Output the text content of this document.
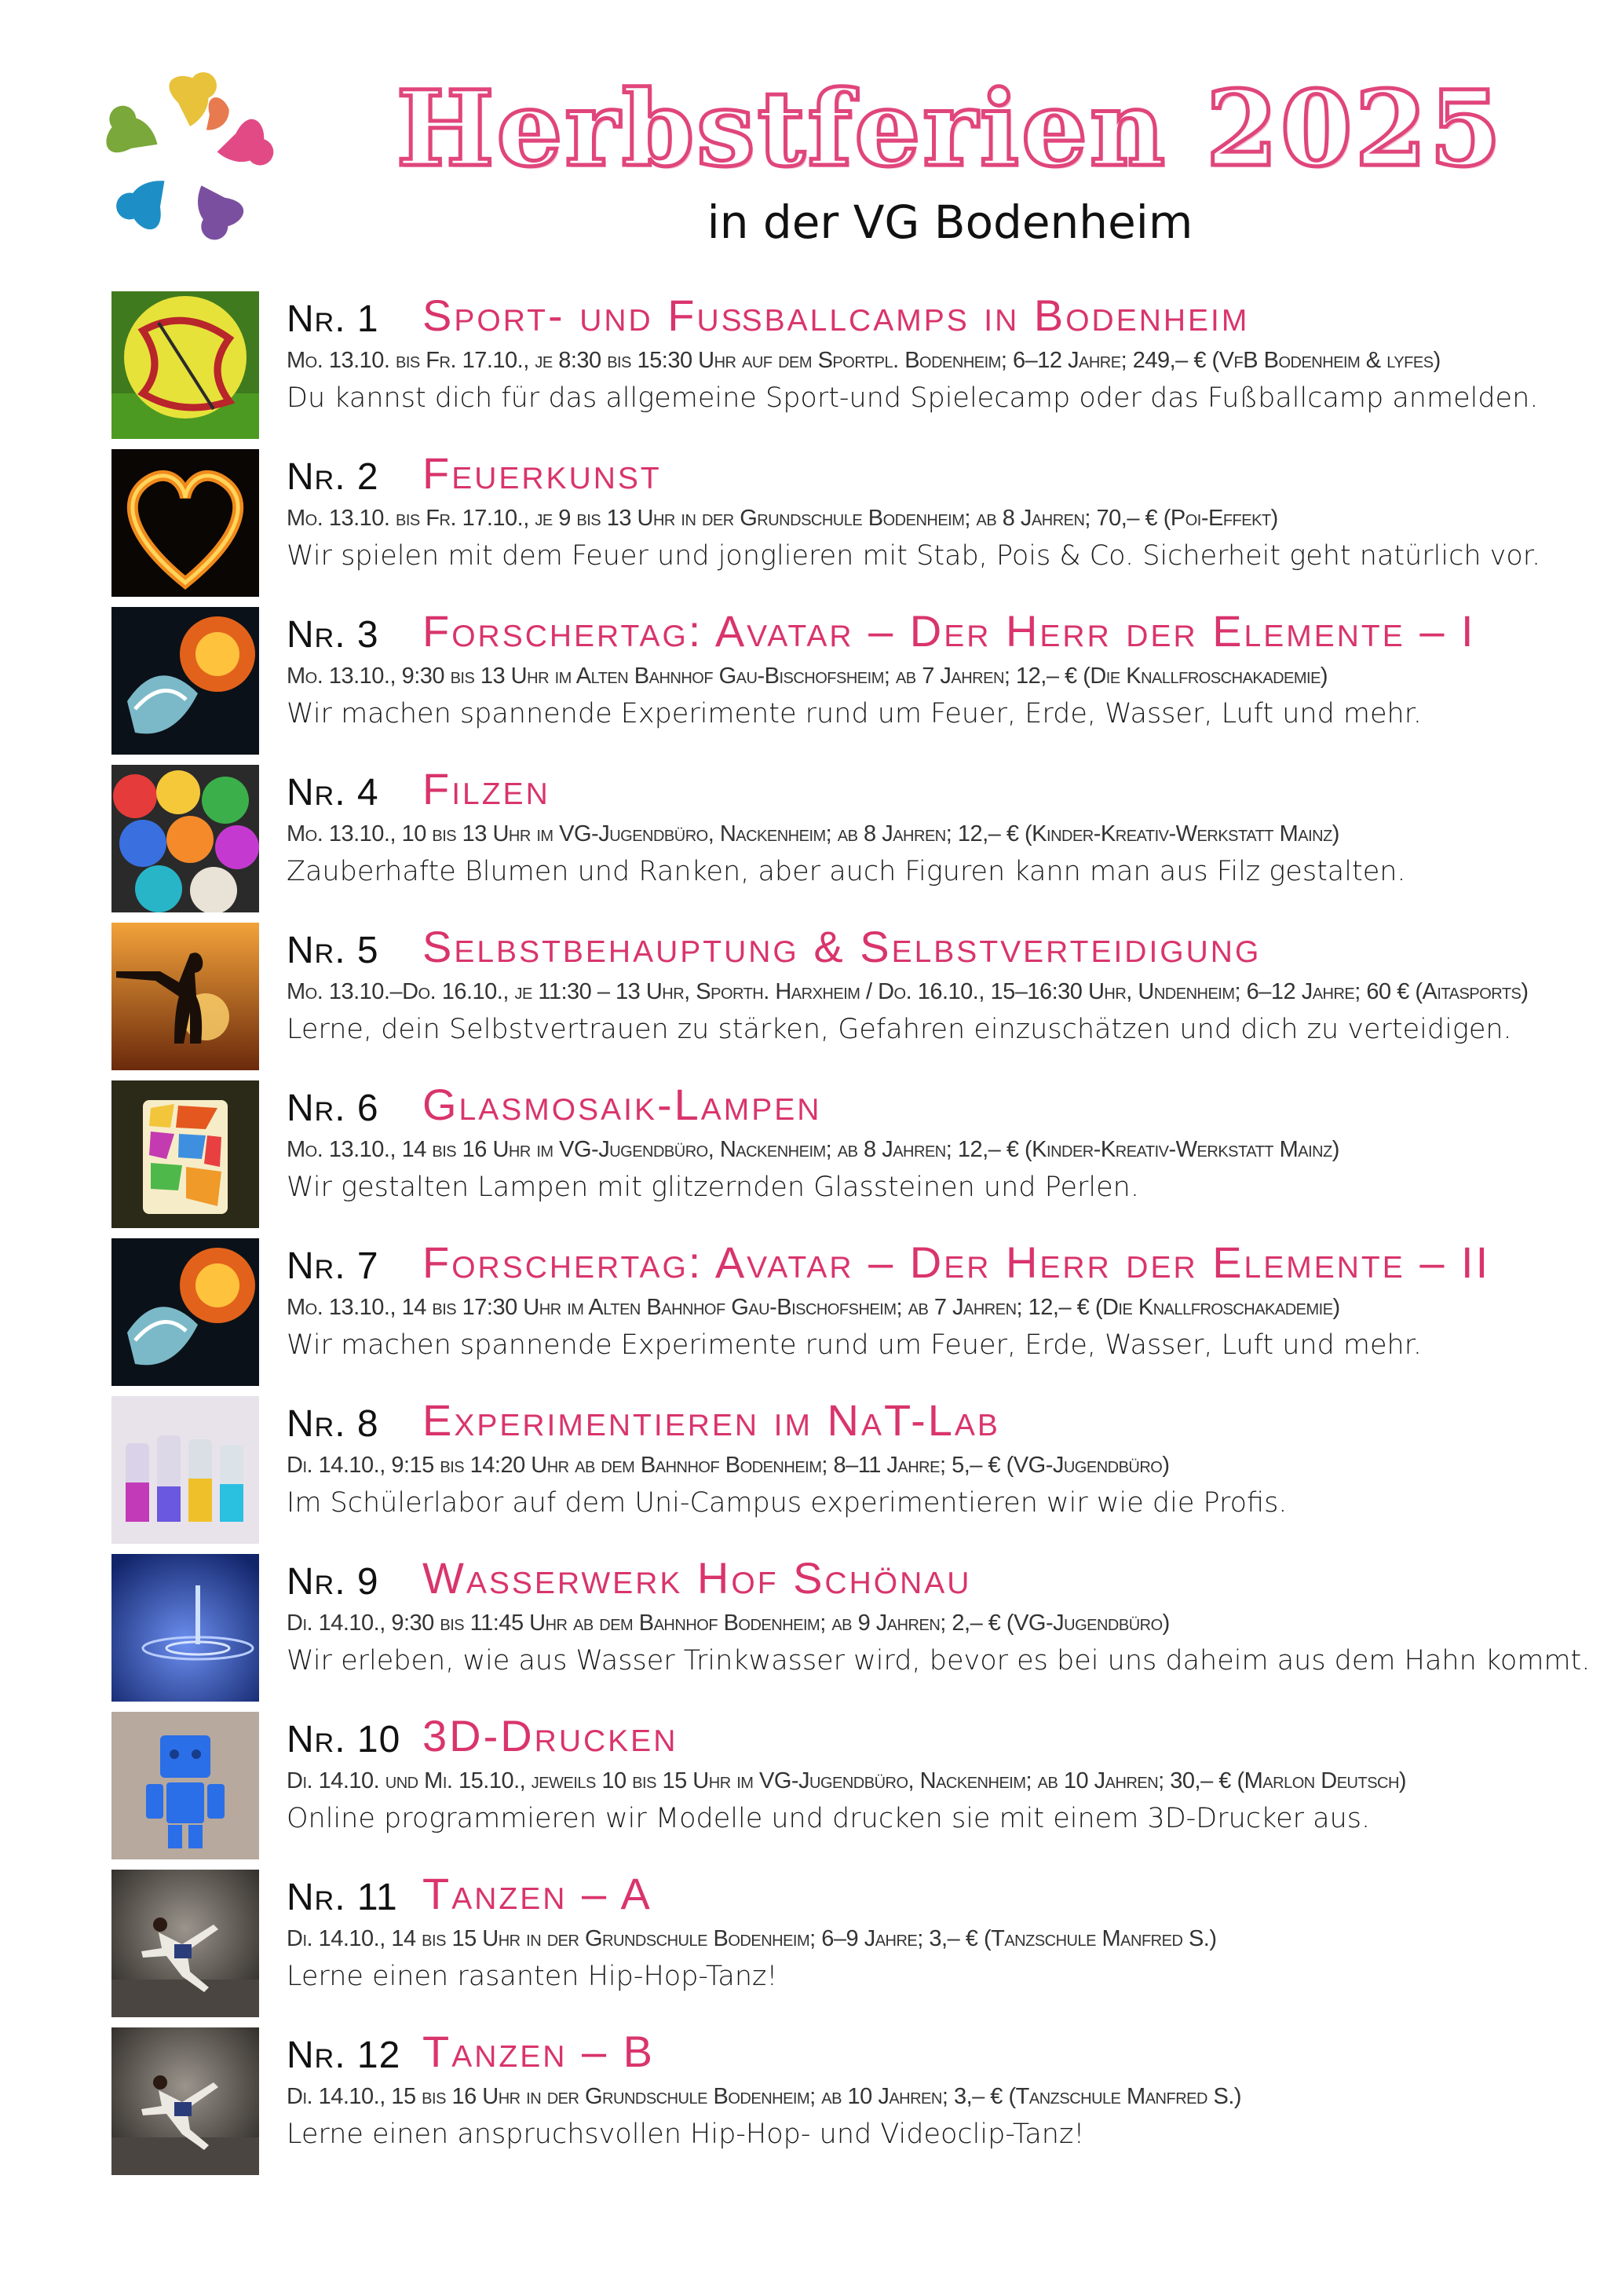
Herbstferien 2025
in der VG Bodenheim
Nr. 1 Sport- und Fußballcamps in Bodenheim
Mo. 13.10. bis Fr. 17.10., je 8:30 bis 15:30 Uhr auf dem Sportpl. Bodenheim; 6–12 Jahre; 249,– € (VfB Bodenheim & lyfes)
Du kannst dich für das allgemeine Sport-und Spielecamp oder das Fußballcamp anmelden.
Nr. 2 Feuerkunst
Mo. 13.10. bis Fr. 17.10., je 9 bis 13 Uhr in der Grundschule Bodenheim; ab 8 Jahren; 70,– € (Poi-Effekt)
Wir spielen mit dem Feuer und jonglieren mit Stab, Pois & Co. Sicherheit geht natürlich vor.
Nr. 3 Forschertag: Avatar – Der Herr der Elemente – I
Mo. 13.10., 9:30 bis 13 Uhr im Alten Bahnhof Gau-Bischofsheim; ab 7 Jahren; 12,– € (Die Knallfroschakademie)
Wir machen spannende Experimente rund um Feuer, Erde, Wasser, Luft und mehr.
Nr. 4 Filzen
Mo. 13.10., 10 bis 13 Uhr im VG-Jugendbüro, Nackenheim; ab 8 Jahren; 12,– € (Kinder-Kreativ-Werkstatt Mainz)
Zauberhafte Blumen und Ranken, aber auch Figuren kann man aus Filz gestalten.
Nr. 5 Selbstbehauptung & Selbstverteidigung
Mo. 13.10.–Do. 16.10., je 11:30 – 13 Uhr, Sporth. Harxheim / Do. 16.10., 15–16:30 Uhr, Undenheim; 6–12 Jahre; 60 € (Aitasports)
Lerne, dein Selbstvertrauen zu stärken, Gefahren einzuschätzen und dich zu verteidigen.
Nr. 6 Glasmosaik-Lampen
Mo. 13.10., 14 bis 16 Uhr im VG-Jugendbüro, Nackenheim; ab 8 Jahren; 12,– € (Kinder-Kreativ-Werkstatt Mainz)
Wir gestalten Lampen mit glitzernden Glassteinen und Perlen.
Nr. 7 Forschertag: Avatar – Der Herr der Elemente – II
Mo. 13.10., 14 bis 17:30 Uhr im Alten Bahnhof Gau-Bischofsheim; ab 7 Jahren; 12,– € (Die Knallfroschakademie)
Wir machen spannende Experimente rund um Feuer, Erde, Wasser, Luft und mehr.
Nr. 8 Experimentieren im NaT-Lab
Di. 14.10., 9:15 bis 14:20 Uhr ab dem Bahnhof Bodenheim; 8–11 Jahre; 5,– € (VG-Jugendbüro)
Im Schülerlabor auf dem Uni-Campus experimentieren wir wie die Profis.
Nr. 9 Wasserwerk Hof Schönau
Di. 14.10., 9:30 bis 11:45 Uhr ab dem Bahnhof Bodenheim; ab 9 Jahren; 2,– € (VG-Jugendbüro)
Wir erleben, wie aus Wasser Trinkwasser wird, bevor es bei uns daheim aus dem Hahn kommt.
Nr. 10 3D-Drucken
Di. 14.10. und Mi. 15.10., jeweils 10 bis 15 Uhr im VG-Jugendbüro, Nackenheim; ab 10 Jahren; 30,– € (Marlon Deutsch)
Online programmieren wir Modelle und drucken sie mit einem 3D-Drucker aus.
Nr. 11 Tanzen – A
Di. 14.10., 14 bis 15 Uhr in der Grundschule Bodenheim; 6–9 Jahre; 3,– € (Tanzschule Manfred S.)
Lerne einen rasanten Hip-Hop-Tanz!
Nr. 12 Tanzen – B
Di. 14.10., 15 bis 16 Uhr in der Grundschule Bodenheim; ab 10 Jahren; 3,– € (Tanzschule Manfred S.)
Lerne einen anspruchsvollen Hip-Hop- und Videoclip-Tanz!
